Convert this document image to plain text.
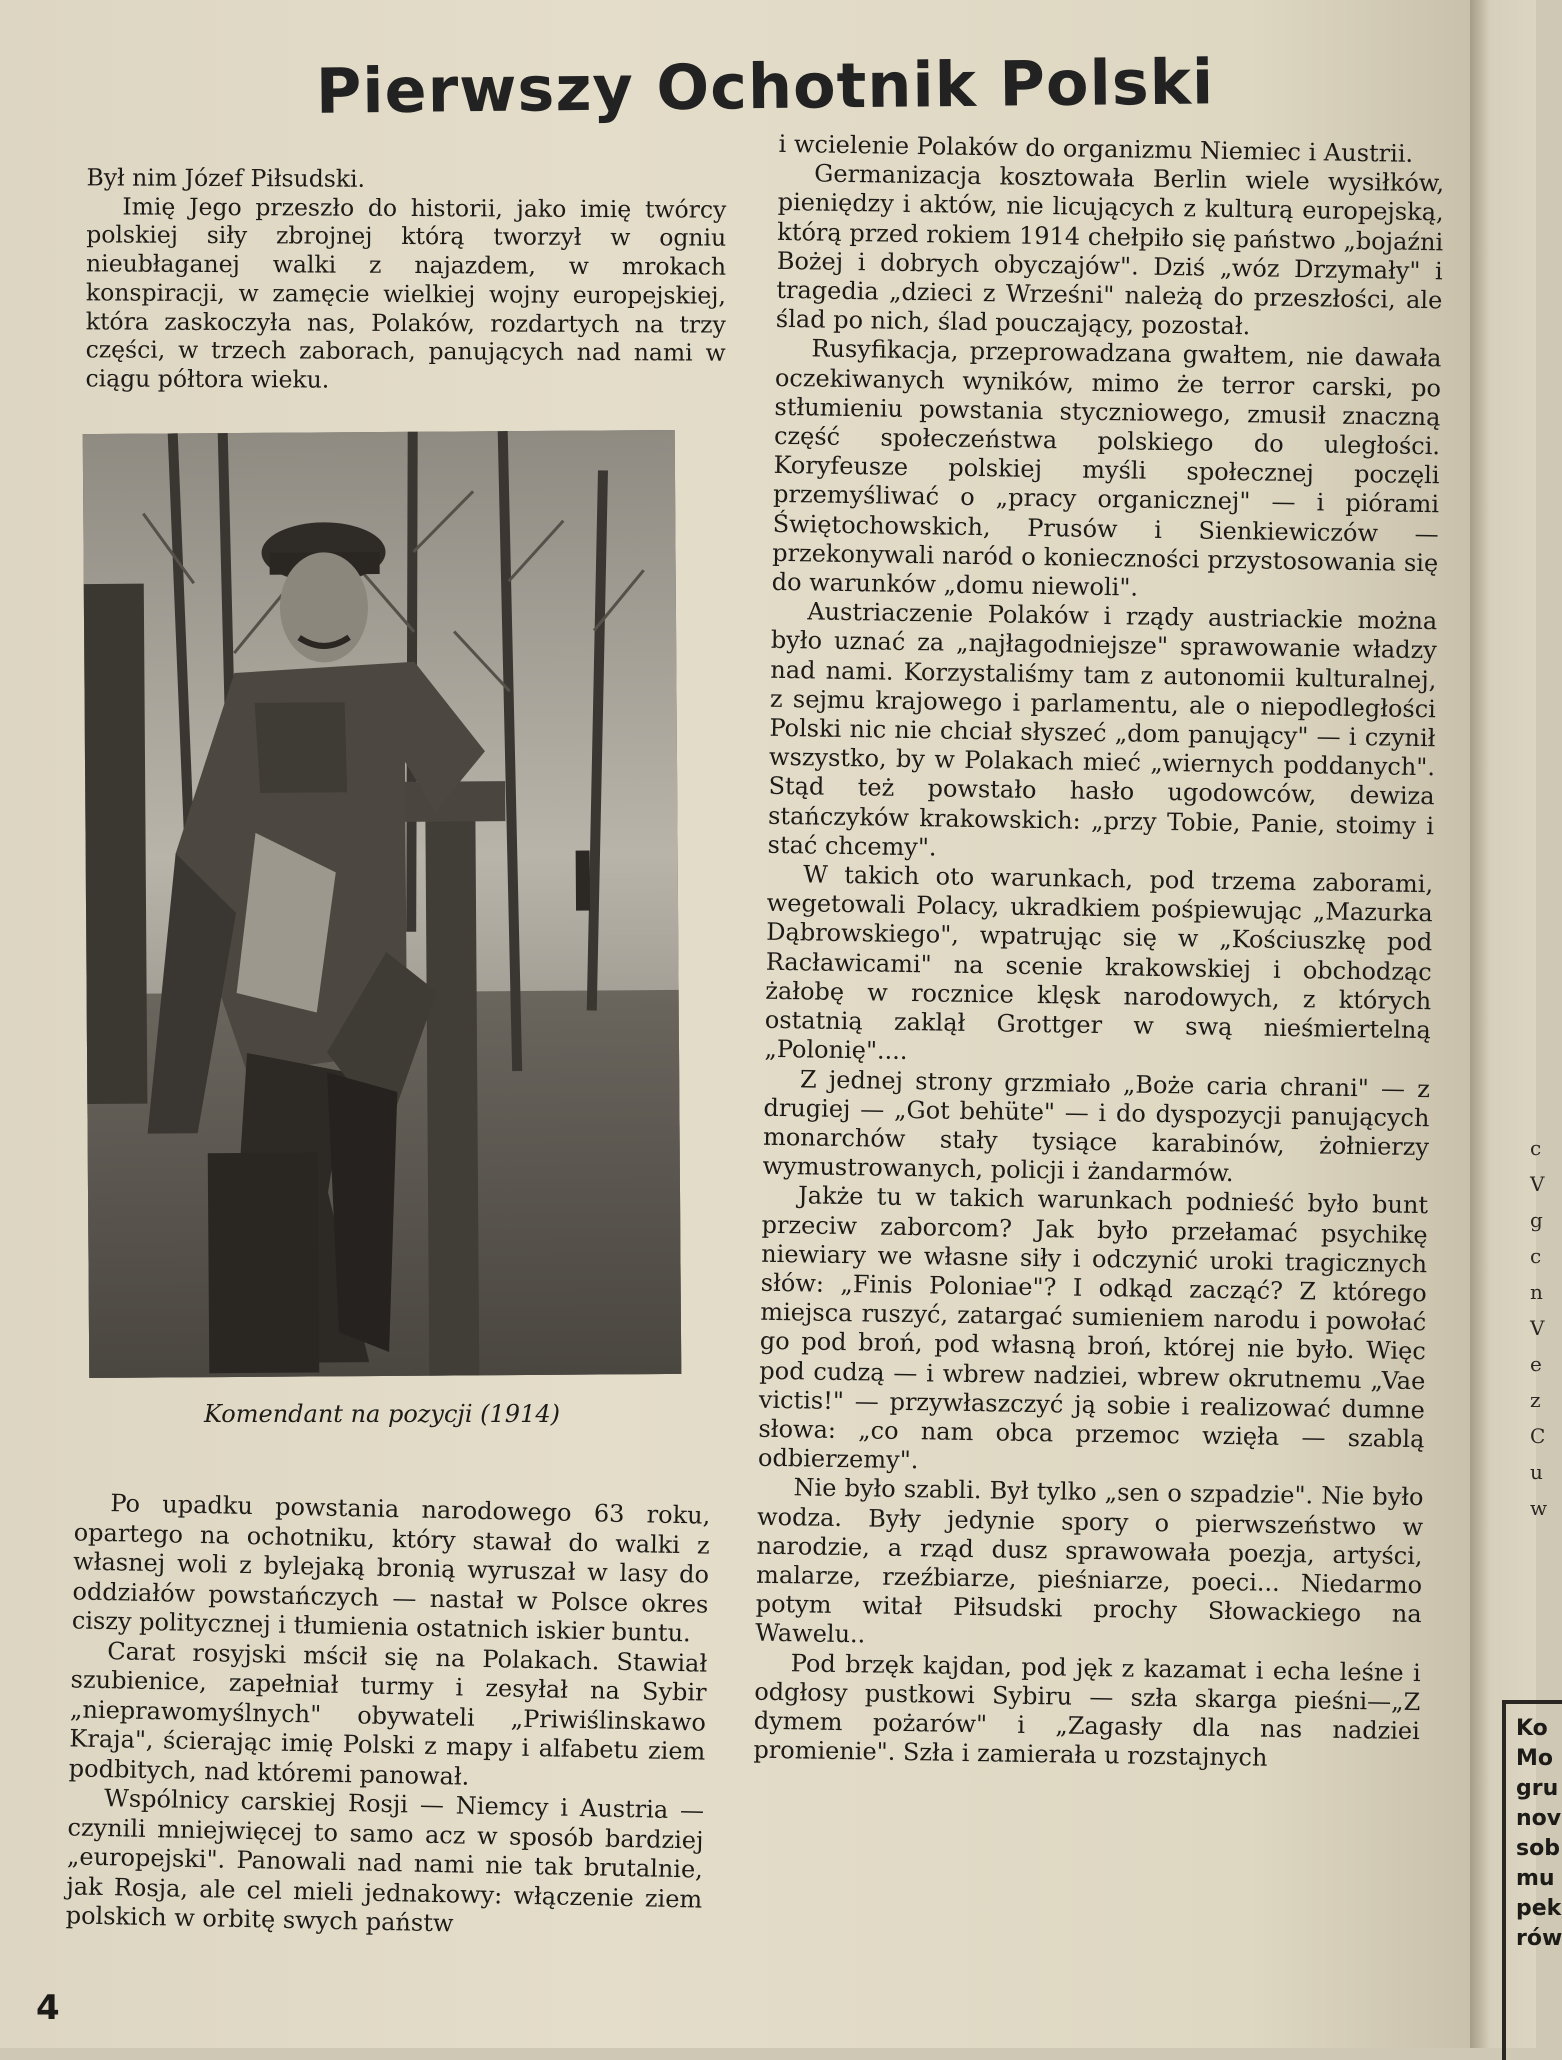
Pierwszy Ochotnik Polski

Był nim Józef Piłsudski.

Imię Jego przeszło do historii, jako imię twórcy polskiej siły zbrojnej którą tworzył w ogniu nieubłaganej walki z najazdem, w mrokach konspiracji, w zamęcie wielkiej wojny europejskiej, która zaskoczyła nas, Polaków, rozdartych na trzy części, w trzech zaborach, panujących nad nami w ciągu półtora wieku.

Komendant na pozycji (1914)

Po upadku powstania narodowego 63 roku, opartego na ochotniku, który stawał do walki z własnej woli z bylejaką bronią wyruszał w lasy do oddziałów powstańczych — nastał w Polsce okres ciszy politycznej i tłumienia ostatnich iskier buntu.

Carat rosyjski mścił się na Polakach. Stawiał szubienice, zapełniał turmy i zesyłał na Sybir „nieprawomyślnych" obywateli „Priwiślinskawo Kraja", ścierając imię Polski z mapy i alfabetu ziem podbitych, nad któremi panował.

Wspólnicy carskiej Rosji — Niemcy i Austria — czynili mniejwięcej to samo acz w sposób bardziej „europejski". Panowali nad nami nie tak brutalnie, jak Rosja, ale cel mieli jednakowy: włączenie ziem polskich w orbitę swych państw

i wcielenie Polaków do organizmu Niemiec i Austrii.

Germanizacja kosztowała Berlin wiele wysiłków, pieniędzy i aktów, nie licujących z kulturą europejską, którą przed rokiem 1914 chełpiło się państwo „bojaźni Bożej i dobrych obyczajów". Dziś „wóz Drzymały" i tragedia „dzieci z Wrześni" należą do przeszłości, ale ślad po nich, ślad pouczający, pozostał.

Rusyfikacja, przeprowadzana gwałtem, nie dawała oczekiwanych wyników, mimo że terror carski, po stłumieniu powstania styczniowego, zmusił znaczną część społeczeństwa polskiego do uległości. Koryfeusze polskiej myśli społecznej poczęli przemyśliwać o „pracy organicznej" — i piórami Świętochowskich, Prusów i Sienkiewiczów — przekonywali naród o konieczności przystosowania się do warunków „domu niewoli".

Austriaczenie Polaków i rządy austriackie można było uznać za „najłagodniejsze" sprawowanie władzy nad nami. Korzystaliśmy tam z autonomii kulturalnej, z sejmu krajowego i parlamentu, ale o niepodległości Polski nic nie chciał słyszeć „dom panujący" — i czynił wszystko, by w Polakach mieć „wiernych poddanych". Stąd też powstało hasło ugodowców, dewiza stańczyków krakowskich: „przy Tobie, Panie, stoimy i stać chcemy".

W takich oto warunkach, pod trzema zaborami, wegetowali Polacy, ukradkiem pośpiewując „Mazurka Dąbrowskiego", wpatrując się w „Kościuszkę pod Racławicami" na scenie krakowskiej i obchodząc żałobę w rocznice klęsk narodowych, z których ostatnią zaklął Grottger w swą nieśmiertelną „Polonię"....

Z jednej strony grzmiało „Boże caria chrani" — z drugiej — „Got behüte" — i do dyspozycji panujących monarchów stały tysiące karabinów, żołnierzy wymustrowanych, policji i żandarmów.

Jakże tu w takich warunkach podnieść było bunt przeciw zaborcom? Jak było przełamać psychikę niewiary we własne siły i odczynić uroki tragicznych słów: „Finis Poloniae"? I odkąd zacząć? Z którego miejsca ruszyć, zatargać sumieniem narodu i powołać go pod broń, pod własną broń, której nie było. Więc pod cudzą — i wbrew nadziei, wbrew okrutnemu „Vae victis!" — przywłaszczyć ją sobie i realizować dumne słowa: „co nam obca przemoc wzięła — szablą odbierzemy".

Nie było szabli. Był tylko „sen o szpadzie". Nie było wodza. Były jedynie spory o pierwszeństwo w narodzie, a rząd dusz sprawowała poezja, artyści, malarze, rzeźbiarze, pieśniarze, poeci... Niedarmo potym witał Piłsudski prochy Słowackiego na Wawelu..

Pod brzęk kajdan, pod jęk z kazamat i echa leśne i odgłosy pustkowi Sybiru — szła skarga pieśni—„Z dymem pożarów" i „Zagasły dla nas nadziei promienie". Szła i zamierała u rozstajnych

4
c
V
g
c
n
V
e
z
C
u
w
Ko
Mo
gru
nov
sob
mu
pek
rów
